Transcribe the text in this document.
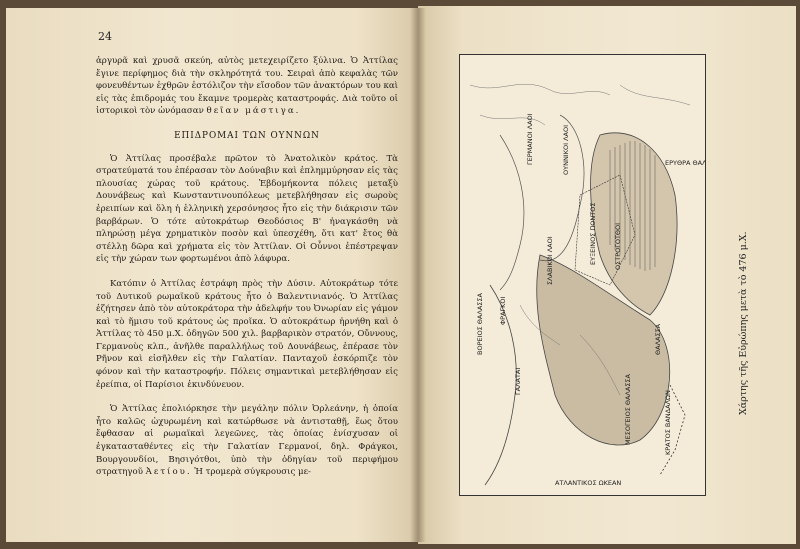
24

ἀργυρᾶ καὶ χρυσᾶ σκεύη, αὐτὸς μετεχειρίζετο ξύλινα. Ὁ Ἀττίλας ἔγινε περίφημος διὰ τὴν σκληρότητά του. Σειραὶ ἀπὸ κεφαλὰς τῶν φονευθέντων ἐχθρῶν ἐστόλιζον τὴν εἴσοδον τῶν ἀνακτόρων του καὶ εἰς τὰς ἐπιδρομάς του ἔκαμνε τρομερὰς καταστροφάς. Διὰ τοῦτο οἱ ἱστορικοὶ τὸν ὠνόμασαν θεῖαν μάστιγα.

ΕΠΙΔΡΟΜΑΙ ΤΩΝ ΟΥΝΝΩΝ

Ὁ Ἀττίλας προσέβαλε πρῶτον τὸ Ἀνατολικὸν κράτος. Τὰ στρατεύματά του ἐπέρασαν τὸν Δούναβιν καὶ ἐπλημμύρησαν εἰς τὰς πλουσίας χώρας τοῦ κράτους. Ἑβδομήκοντα πόλεις μεταξὺ Δουνάβεως καὶ Κωνσταντινουπόλεως μετεβλήθησαν εἰς σωροὺς ἐρειπίων καὶ ὅλη ἡ ἑλληνικὴ χερσόνησος ἦτο εἰς τὴν διάκρισιν τῶν βαρβάρων. Ὁ τότε αὐτοκράτωρ Θεοδόσιος Β' ἠναγκάσθη νὰ πληρώσῃ μέγα χρηματικὸν ποσὸν καὶ ὑπεσχέθη, ὅτι κατ' ἔτος θὰ στέλλῃ δῶρα καὶ χρήματα εἰς τὸν Ἀττίλαν. Οἱ Οὖννοι ἐπέστρεψαν εἰς τὴν χώραν των φορτωμένοι ἀπὸ λάφυρα.

Κατόπιν ὁ Ἀττίλας ἐστράφη πρὸς τὴν Δύσιν. Αὐτοκράτωρ τότε τοῦ Δυτικοῦ ρωμαϊκοῦ κράτους ἦτο ὁ Βαλεντινιανός. Ὁ Ἀττίλας ἐζήτησεν ἀπὸ τὸν αὐτοκράτορα τὴν ἀδελφήν του Ὀνωρίαν εἰς γάμον καὶ τὸ ἥμισυ τοῦ κράτους ὡς προῖκα. Ὁ αὐτοκράτωρ ἠρνήθη καὶ ὁ Ἀττίλας τὸ 450 μ.Χ. ὁδηγῶν 500 χιλ. βαρβαρικὸν στρατόν, Οὔννους, Γερμανοὺς κλπ., ἀνῆλθε παραλλήλως τοῦ Δουνάβεως, ἐπέρασε τὸν Ρῆνον καὶ εἰσῆλθεν εἰς τὴν Γαλατίαν. Πανταχοῦ ἐσκόρπιζε τὸν φόνον καὶ τὴν καταστροφήν. Πόλεις σημαντικαὶ μετεβλήθησαν εἰς ἐρείπια, οἱ Παρίσιοι ἐκινδύνευον.

Ὁ Ἀττίλας ἐπολιόρκησε τὴν μεγάλην πόλιν Ὀρλεάνην, ἡ ὁποία ἦτο καλῶς ὠχυρωμένη καὶ κατώρθωσε νὰ ἀντισταθῇ, ἕως ὅτου ἔφθασαν αἱ ρωμαϊκαὶ λεγεῶνες, τὰς ὁποίας ἐνίσχυσαν οἱ ἐγκατασταθέντες εἰς τὴν Γαλατίαν Γερμανοί, δηλ. Φράγκοι, Βουργουνδίοι, Βησιγότθοι, ὑπὸ τὴν ὁδηγίαν τοῦ περιφήμου στρατηγοῦ Ἀετίου. Ἡ τρομερὰ σύγκρουσις με-

ΓΕΡΜΑΝΟΙ ΛΑΟΙ	ΟΥΝΝΙΚΟΙ ΛΑΟΙ
ΣΛΑΒΙΚΟΙ ΛΑΟΙ	ΕΥΞΕΙΝΟΣ ΠΟΝΤΟΣ	ΟΣΤΡΟΓΟΤΘΟΙ
ΕΡΥΘΡΑ ΘΑΛ.
ΘΑΛΑΣΣΑ
ΜΕΣΟΓΕΙΟΣ ΘΑΛΑΣΣΑ	ΚΡΑΤΟΣ ΒΑΝΔΑΛΩΝ
ΑΤΛΑΝΤΙΚΟΣ ΩΚΕΑΝ
ΒΟΡΕΙΟΣ ΘΑΛΑΣΣΑ
ΓΑΛΑΤΑΙ
ΦΡΑΓΚΟΙ	Χάρτης τῆς Εὐρώπης μετὰ τὸ 476 μ.Χ.
